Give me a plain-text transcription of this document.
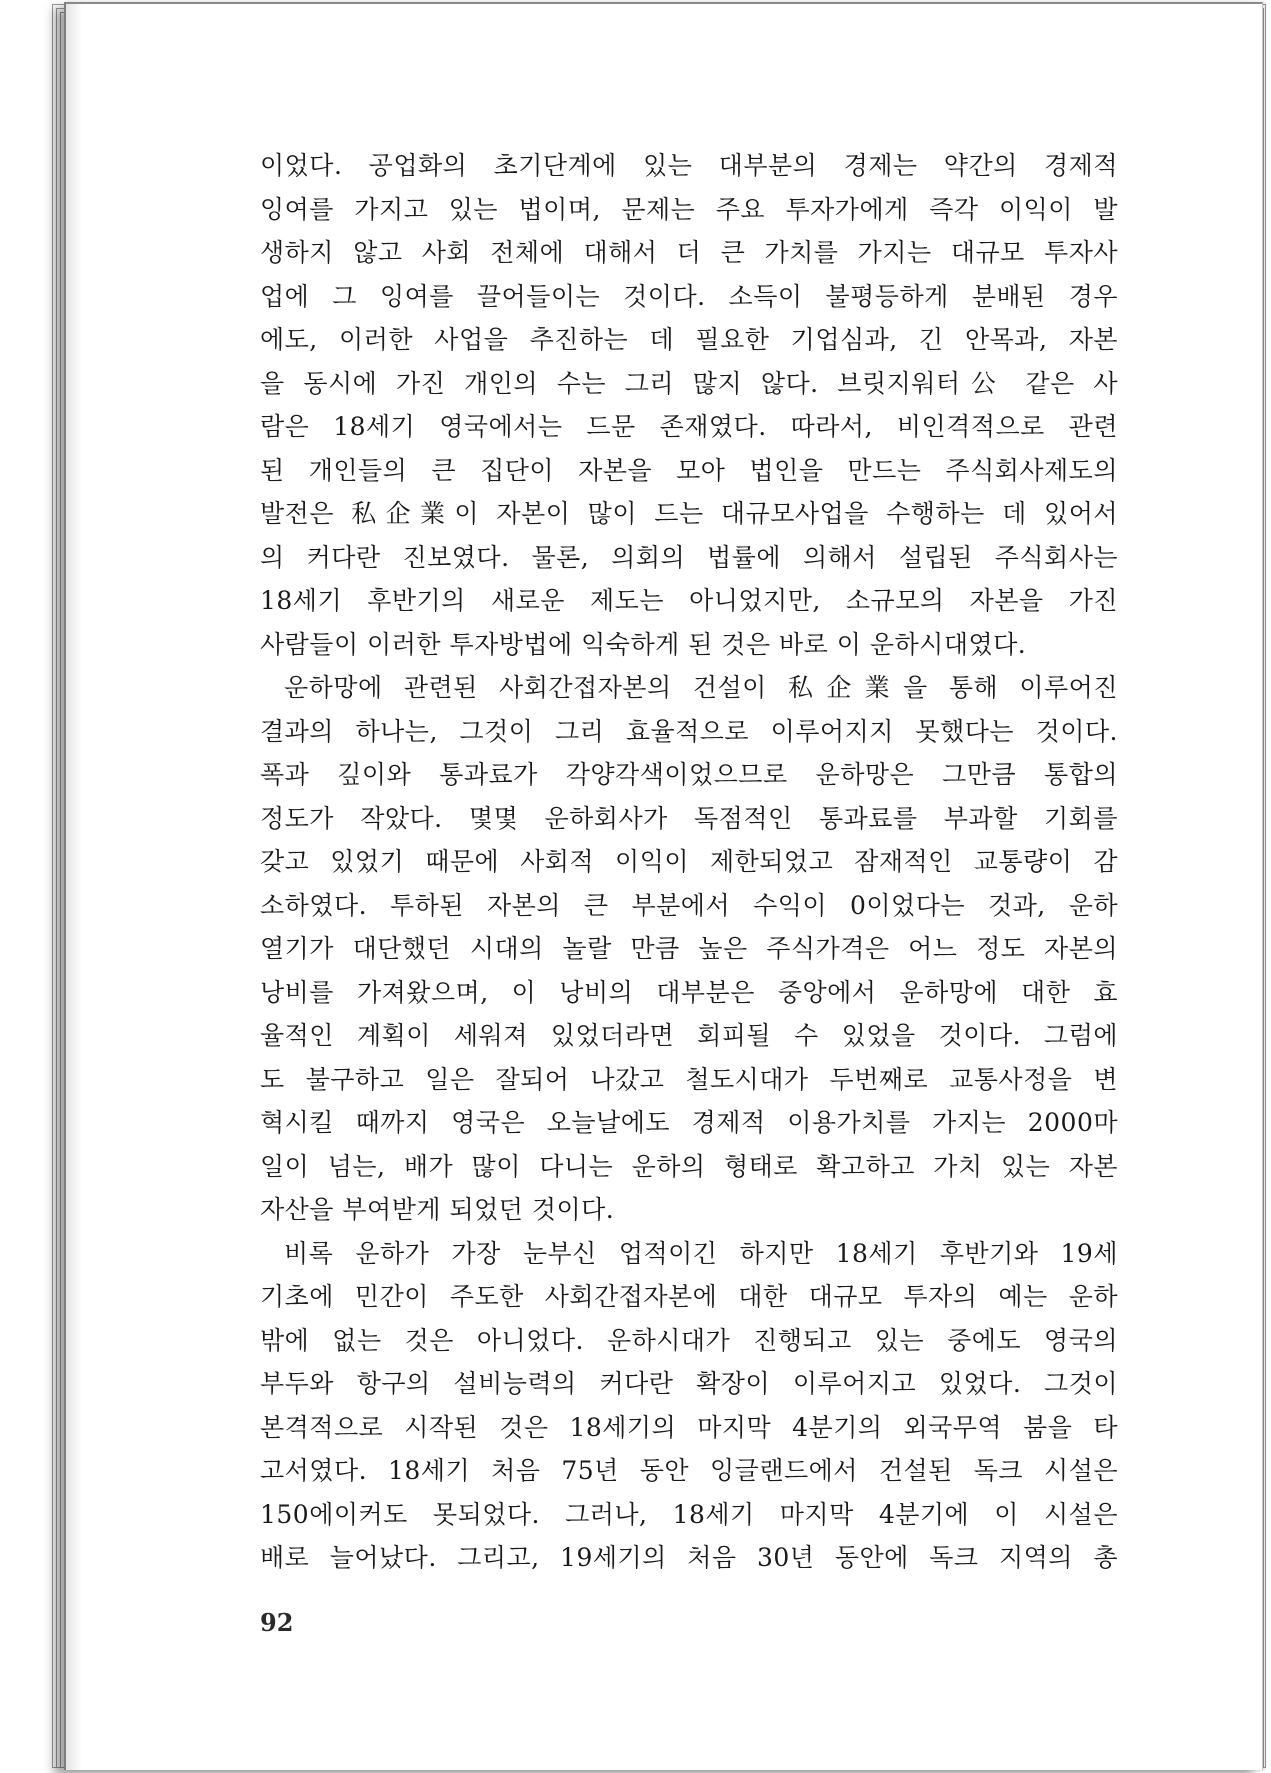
이었다. 공업화의 초기단계에 있는 대부분의 경제는 약간의 경제적
잉여를 가지고 있는 법이며, 문제는 주요 투자가에게 즉각 이익이 발
생하지 않고 사회 전체에 대해서 더 큰 가치를 가지는 대규모 투자사
업에 그 잉여를 끌어들이는 것이다. 소득이 불평등하게 분배된 경우
에도, 이러한 사업을 추진하는 데 필요한 기업심과, 긴 안목과, 자본
을 동시에 가진 개인의 수는 그리 많지 않다. 브릿지워터公 같은 사
람은 18세기 영국에서는 드문 존재였다. 따라서, 비인격적으로 관련
된 개인들의 큰 집단이 자본을 모아 법인을 만드는 주식회사제도의
발전은 私企業이 자본이 많이 드는 대규모사업을 수행하는 데 있어서
의 커다란 진보였다. 물론, 의회의 법률에 의해서 설립된 주식회사는
18세기 후반기의 새로운 제도는 아니었지만, 소규모의 자본을 가진
사람들이 이러한 투자방법에 익숙하게 된 것은 바로 이 운하시대였다.
운하망에 관련된 사회간접자본의 건설이 私企業을 통해 이루어진
결과의 하나는, 그것이 그리 효율적으로 이루어지지 못했다는 것이다.
폭과 깊이와 통과료가 각양각색이었으므로 운하망은 그만큼 통합의
정도가 작았다. 몇몇 운하회사가 독점적인 통과료를 부과할 기회를
갖고 있었기 때문에 사회적 이익이 제한되었고 잠재적인 교통량이 감
소하였다. 투하된 자본의 큰 부분에서 수익이 0이었다는 것과, 운하
열기가 대단했던 시대의 놀랄 만큼 높은 주식가격은 어느 정도 자본의
낭비를 가져왔으며, 이 낭비의 대부분은 중앙에서 운하망에 대한 효
율적인 계획이 세워져 있었더라면 회피될 수 있었을 것이다. 그럼에
도 불구하고 일은 잘되어 나갔고 철도시대가 두번째로 교통사정을 변
혁시킬 때까지 영국은 오늘날에도 경제적 이용가치를 가지는 2000마
일이 넘는, 배가 많이 다니는 운하의 형태로 확고하고 가치 있는 자본
자산을 부여받게 되었던 것이다.
비록 운하가 가장 눈부신 업적이긴 하지만 18세기 후반기와 19세
기초에 민간이 주도한 사회간접자본에 대한 대규모 투자의 예는 운하
밖에 없는 것은 아니었다. 운하시대가 진행되고 있는 중에도 영국의
부두와 항구의 설비능력의 커다란 확장이 이루어지고 있었다. 그것이
본격적으로 시작된 것은 18세기의 마지막 4분기의 외국무역 붐을 타
고서였다. 18세기 처음 75년 동안 잉글랜드에서 건설된 독크 시설은
150에이커도 못되었다. 그러나, 18세기 마지막 4분기에 이 시설은
배로 늘어났다. 그리고, 19세기의 처음 30년 동안에 독크 지역의 총
92
